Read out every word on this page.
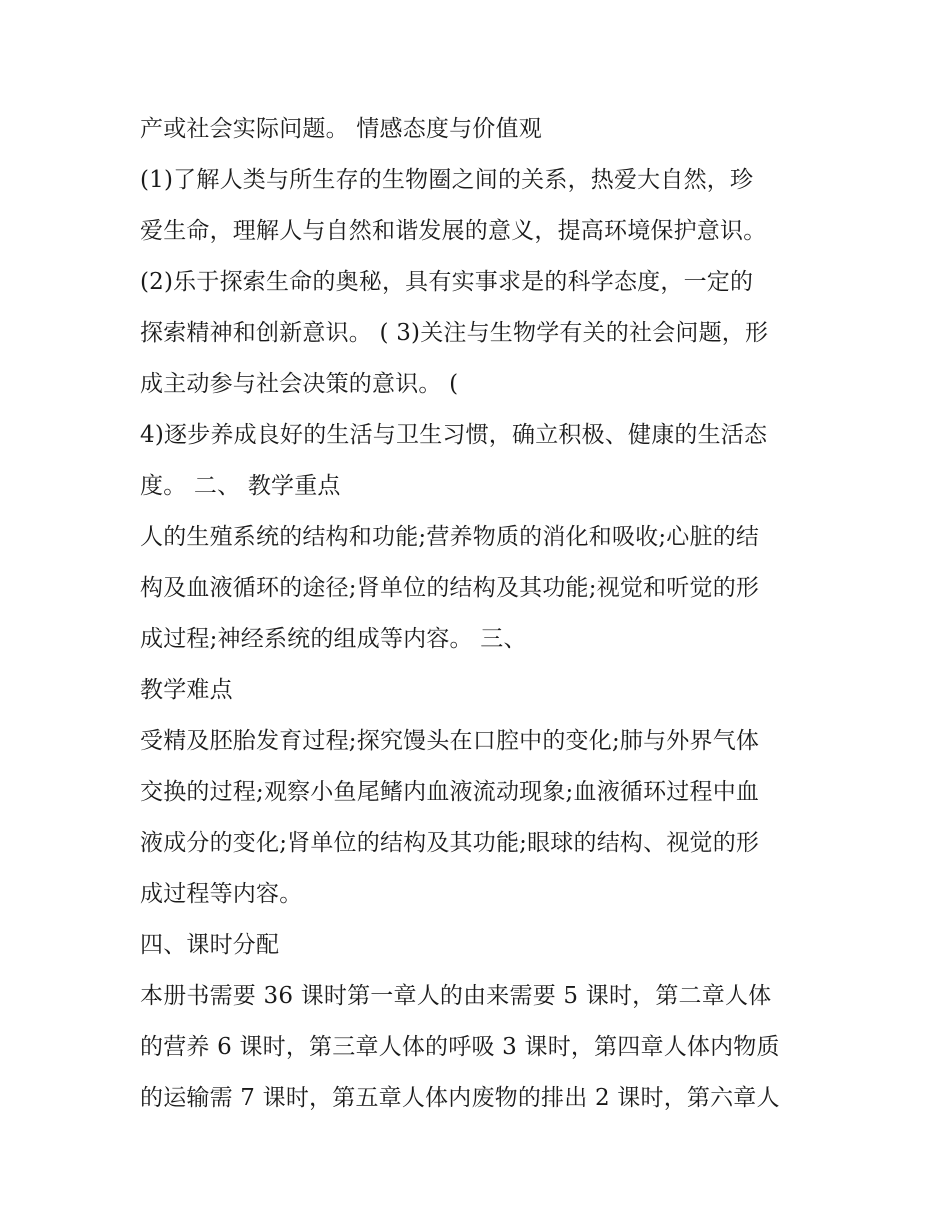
产或社会实际问题。 情感态度与价值观
(1)了解人类与所生存的生物圈之间的关系，热爱大自然，珍
爱生命，理解人与自然和谐发展的意义，提高环境保护意识。
(2)乐于探索生命的奥秘，具有实事求是的科学态度，一定的
探索精神和创新意识。 ( 3)关注与生物学有关的社会问题，形
成主动参与社会决策的意识。 (
4)逐步养成良好的生活与卫生习惯，确立积极、健康的生活态
度。 二、 教学重点
人的生殖系统的结构和功能;营养物质的消化和吸收;心脏的结
构及血液循环的途径;肾单位的结构及其功能;视觉和听觉的形
成过程;神经系统的组成等内容。 三、
教学难点
受精及胚胎发育过程;探究馒头在口腔中的变化;肺与外界气体
交换的过程;观察小鱼尾鳍内血液流动现象;血液循环过程中血
液成分的变化;肾单位的结构及其功能;眼球的结构、视觉的形
成过程等内容。
四、课时分配
本册书需要 36 课时第一章人的由来需要 5 课时，第二章人体
的营养 6 课时，第三章人体的呼吸 3 课时，第四章人体内物质
的运输需 7 课时，第五章人体内废物的排出 2 课时，第六章人
